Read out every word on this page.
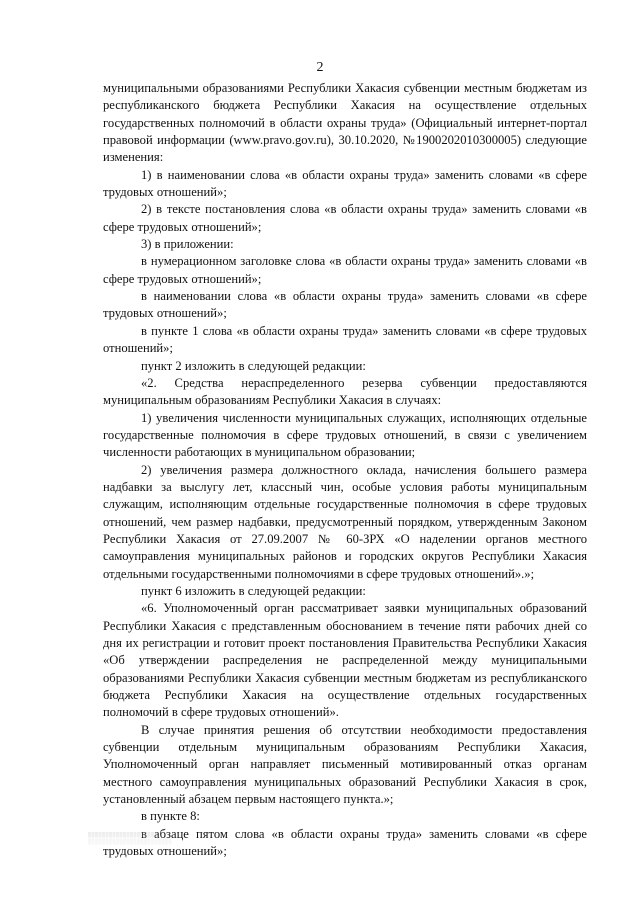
2

муниципальными образованиями Республики Хакасия субвенции местным бюджетам из республиканского бюджета Республики Хакасия на осуществление отдельных государственных полномочий в области охраны труда» (Официальный интернет-портал правовой информации (www.pravo.gov.ru), 30.10.2020, №1900202010300005) следующие изменения:

1) в наименовании слова «в области охраны труда» заменить словами «в сфере трудовых отношений»;

2) в тексте постановления слова «в области охраны труда» заменить словами «в сфере трудовых отношений»;

3) в приложении:

в нумерационном заголовке слова «в области охраны труда» заменить словами «в сфере трудовых отношений»;

в наименовании слова «в области охраны труда» заменить словами «в сфере трудовых отношений»;

в пункте 1 слова «в области охраны труда» заменить словами «в сфере трудовых отношений»;

пункт 2 изложить в следующей редакции:

«2. Средства нераспределенного резерва субвенции предоставляются муниципальным образованиям Республики Хакасия в случаях:

1) увеличения численности муниципальных служащих, исполняющих отдельные государственные полномочия в сфере трудовых отношений, в связи с увеличением численности работающих в муниципальном образовании;

2) увеличения размера должностного оклада, начисления большего размера надбавки за выслугу лет, классный чин, особые условия работы муниципальным служащим, исполняющим отдельные государственные полномочия в сфере трудовых отношений, чем размер надбавки, предусмотренный порядком, утвержденным Законом Республики Хакасия от 27.09.2007 № 60-ЗРХ «О наделении органов местного самоуправления муниципальных районов и городских округов Республики Хакасия отдельными государственными полномочиями в сфере трудовых отношений».»;

пункт 6 изложить в следующей редакции:

«6. Уполномоченный орган рассматривает заявки муниципальных образований Республики Хакасия с представленным обоснованием в течение пяти рабочих дней со дня их регистрации и готовит проект постановления Правительства Республики Хакасия «Об утверждении распределения не распределенной между муниципальными образованиями Республики Хакасия субвенции местным бюджетам из республиканского бюджета Республики Хакасия на осуществление отдельных государственных полномочий в сфере трудовых отношений».

В случае принятия решения об отсутствии необходимости предоставления субвенции отдельным муниципальным образованиям Республики Хакасия, Уполномоченный орган направляет письменный мотивированный отказ органам местного самоуправления муниципальных образований Республики Хакасия в срок, установленный абзацем первым настоящего пункта.»;

в пункте 8:

в абзаце пятом слова «в области охраны труда» заменить словами «в сфере трудовых отношений»;

▒▒▒▒▒▒▒▒▒▒▒▒▒▒▒▒▒▒▒▒
░░░░░░░░░░░░░░░░░░░░░░░░
